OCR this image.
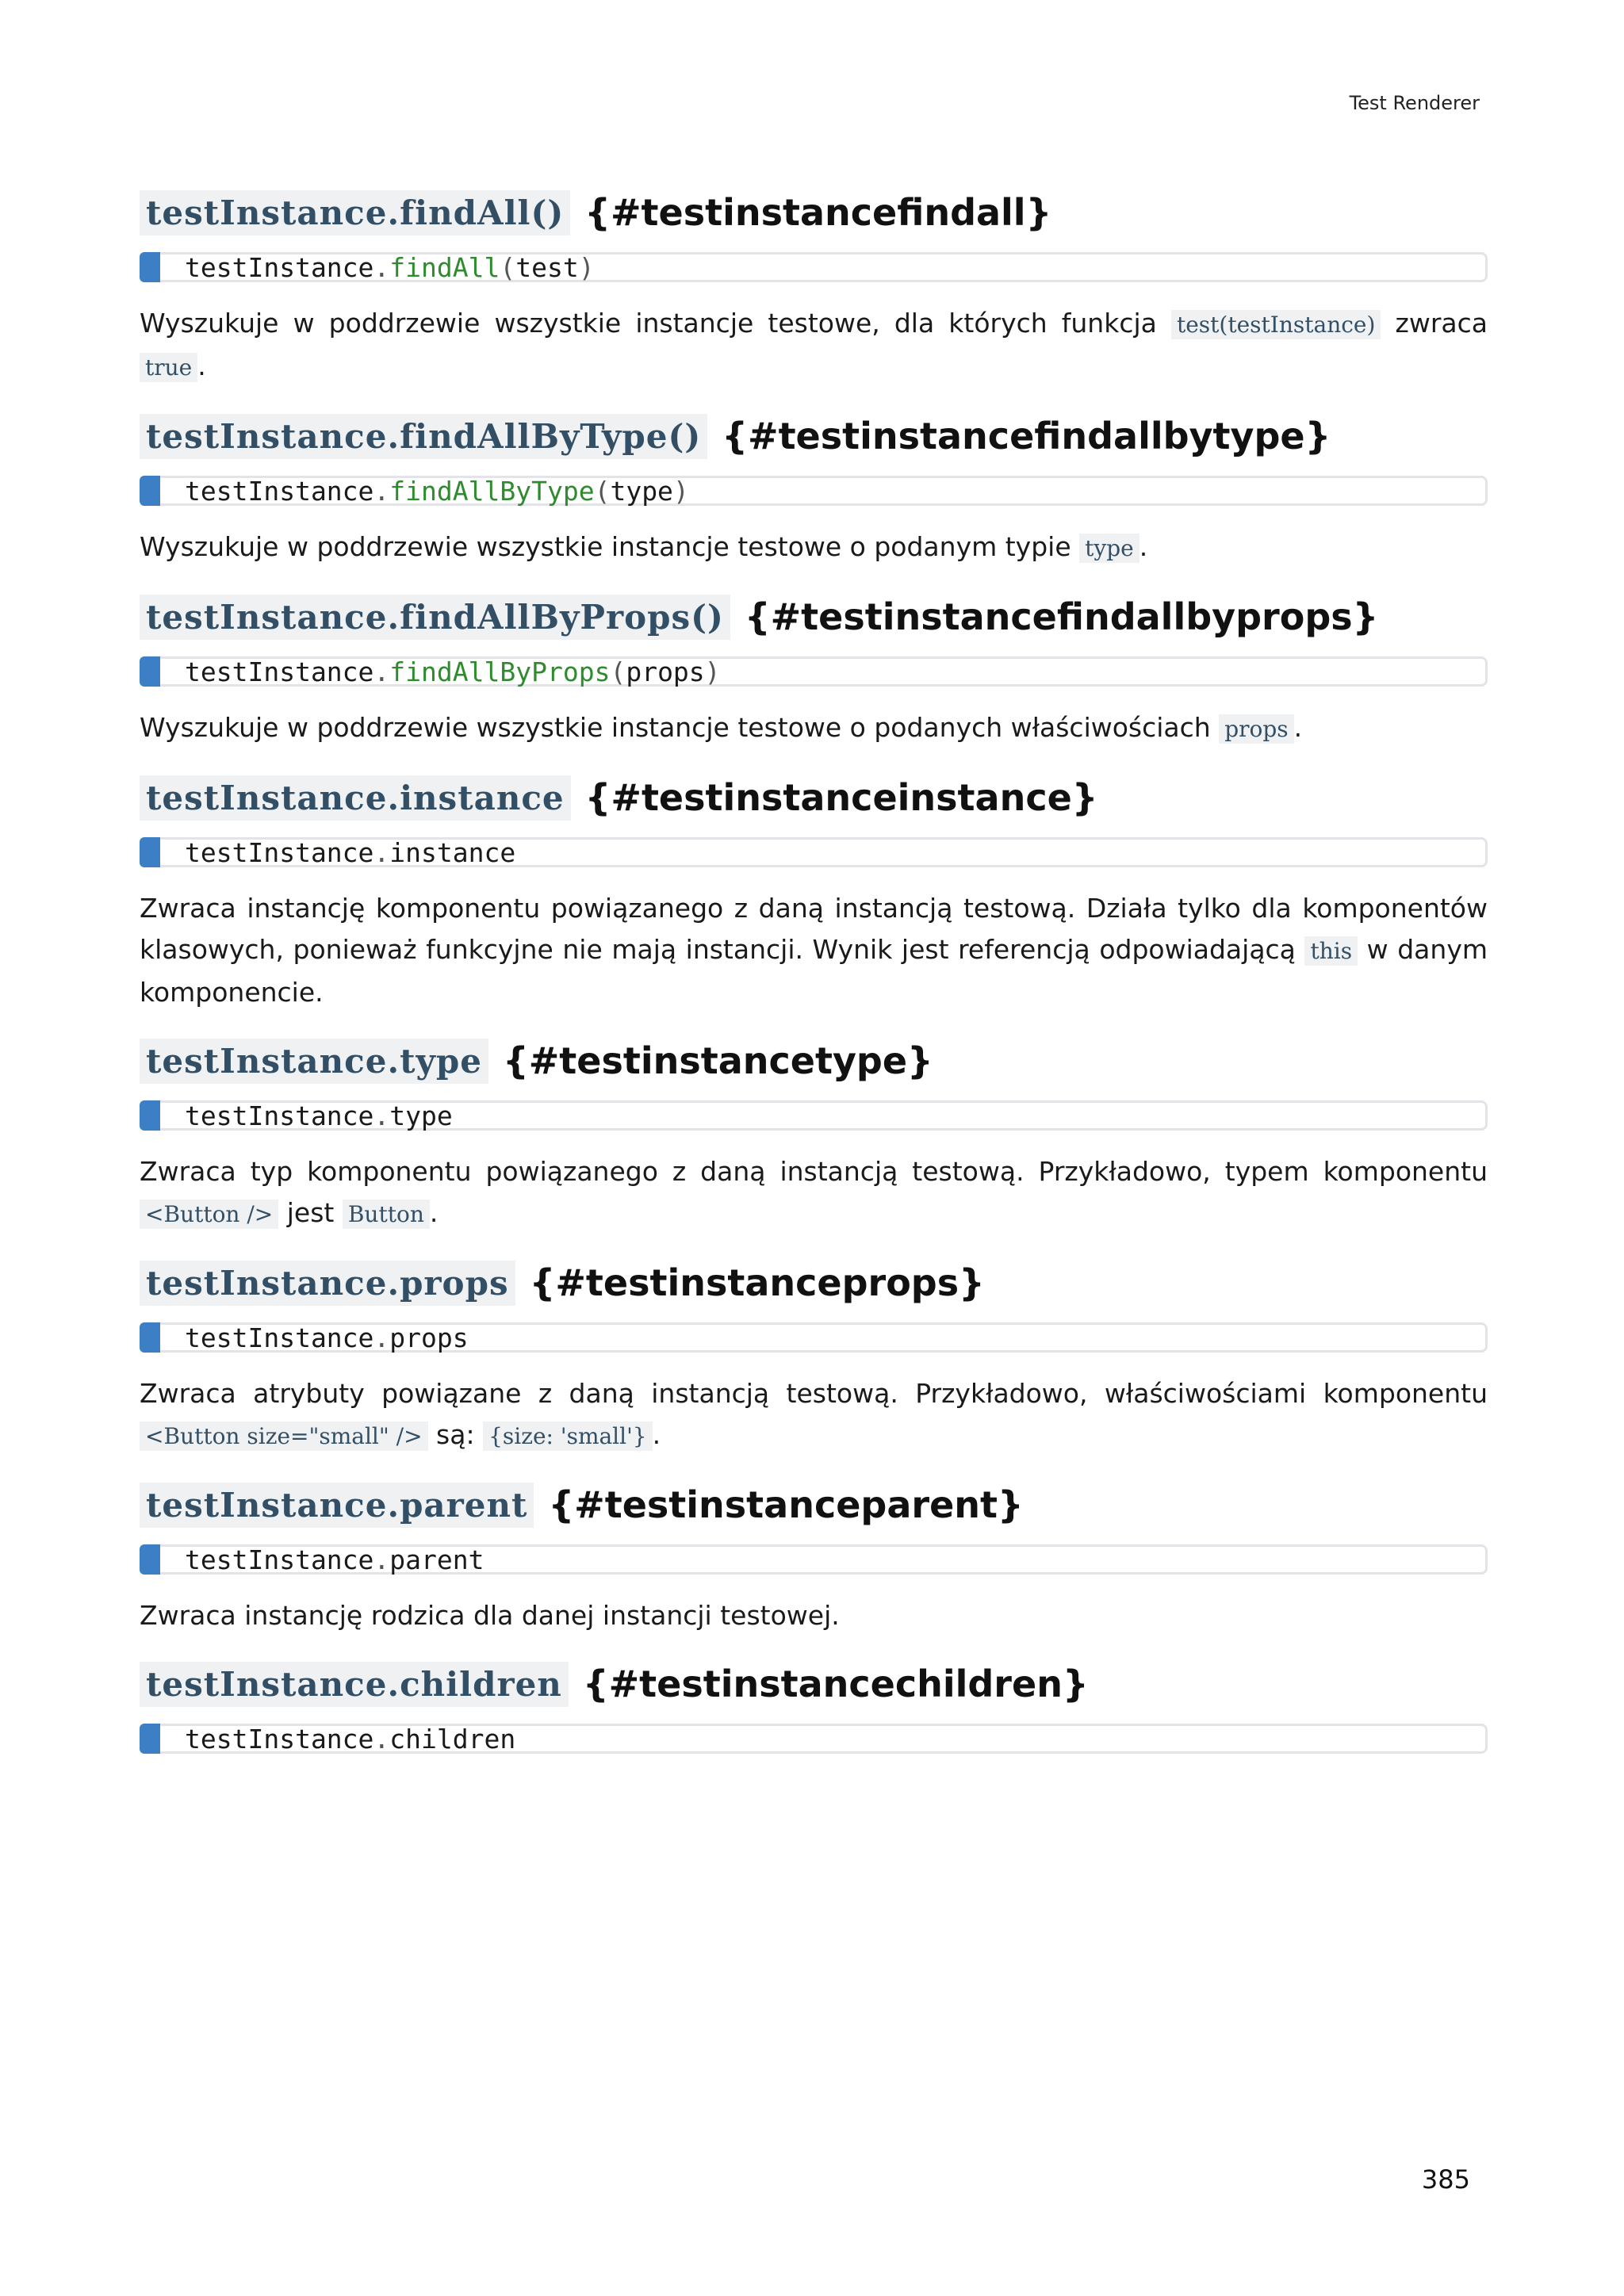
Test Renderer
testInstance.findAll() {#testinstancefindall}
testInstance.findAll(test)

Wyszukuje w poddrzewie wszystkie instancje testowe, dla których funkcja test(testInstance) zwraca true .

testInstance.findAllByType() {#testinstancefindallbytype}
testInstance.findAllByType(type)

Wyszukuje w poddrzewie wszystkie instancje testowe o podanym typie type .

testInstance.findAllByProps() {#testinstancefindallbyprops}
testInstance.findAllByProps(props)

Wyszukuje w poddrzewie wszystkie instancje testowe o podanych właściwościach props .

testInstance.instance {#testinstanceinstance}
testInstance.instance

Zwraca instancję komponentu powiązanego z daną instancją testową. Działa tylko dla komponentów klasowych, ponieważ funkcyjne nie mają instancji. Wynik jest referencją odpowiadającą this w danym komponencie.

testInstance.type {#testinstancetype}
testInstance.type

Zwraca typ komponentu powiązanego z daną instancją testową. Przykładowo, typem komponentu <Button /> jest Button .

testInstance.props {#testinstanceprops}
testInstance.props

Zwraca atrybuty powiązane z daną instancją testową. Przykładowo, właściwościami komponentu <Button size="small" /> są: {size: 'small'} .

testInstance.parent {#testinstanceparent}
testInstance.parent

Zwraca instancję rodzica dla danej instancji testowej.

testInstance.children {#testinstancechildren}
testInstance.children
385
